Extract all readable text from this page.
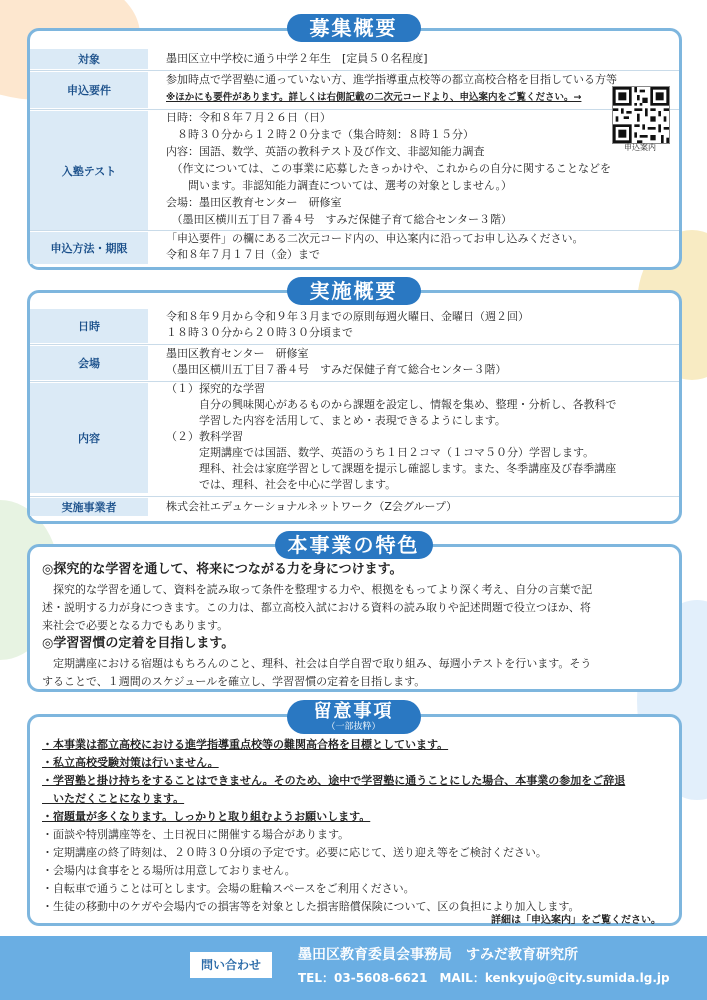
募集概要
対象	墨田区立中学校に通う中学２年生　[定員５０名程度]
申込要件
参加時点で学習塾に通っていない方、進学指導重点校等の都立高校合格を目指している方等
※ほかにも要件があります。詳しくは右側記載の二次元コードより、申込案内をご覧ください。→
入塾テスト
日時：令和８年７月２６日（日）
　８時３０分から１２時２０分まで（集合時刻：８時１５分）
内容：国語、数学、英語の教科テスト及び作文、非認知能力調査
　（作文については、この事業に応募したきっかけや、これからの自分に関することなどを
　　問います。非認知能力調査については、選考の対象としません。）
会場：墨田区教育センター　研修室
　（墨田区横川五丁目７番４号　すみだ保健子育て総合センター３階）
申込案内
申込方法・期限
「申込要件」の欄にある二次元コード内の、申込案内に沿ってお申し込みください。
令和８年７月１７日（金）まで
実施概要
日時
令和８年９月から令和９年３月までの原則毎週火曜日、金曜日（週２回）
１８時３０分から２０時３０分頃まで
会場
墨田区教育センター　研修室
（墨田区横川五丁目７番４号　すみだ保健子育て総合センター３階）
内容
（１）探究的な学習
　　　自分の興味関心があるものから課題を設定し、情報を集め、整理・分析し、各教科で
　　　学習した内容を活用して、まとめ・表現できるようにします。
（２）教科学習
　　　定期講座では国語、数学、英語のうち１日２コマ（１コマ５０分）学習します。
　　　理科、社会は家庭学習として課題を提示し確認します。また、冬季講座及び春季講座
　　　では、理科、社会を中心に学習します。
実施事業者	株式会社エデュケーショナルネットワーク（Z会グループ）
本事業の特色
◎探究的な学習を通して、将来につながる力を身につけます。
　探究的な学習を通して、資料を読み取って条件を整理する力や、根拠をもってより深く考え、自分の言葉で記
述・説明する力が身につきます。この力は、都立高校入試における資料の読み取りや記述問題で役立つほか、将
来社会で必要となる力でもあります。
◎学習習慣の定着を目指します。
　定期講座における宿題はもちろんのこと、理科、社会は自学自習で取り組み、毎週小テストを行います。そう
することで、１週間のスケジュールを確立し、学習習慣の定着を目指します。
留意事項
（一部抜粋）
・本事業は都立高校における進学指導重点校等の難関高合格を目標としています。
・私立高校受験対策は行いません。
・学習塾と掛け持ちをすることはできません。そのため、途中で学習塾に通うことにした場合、本事業の参加をご辞退
　いただくことになります。
・宿題量が多くなります。しっかりと取り組むようお願いします。
・面談や特別講座等を、土日祝日に開催する場合があります。
・定期講座の終了時刻は、２０時３０分頃の予定です。必要に応じて、送り迎え等をご検討ください。
・会場内は食事をとる場所は用意しておりません。
・自転車で通うことは可とします。会場の駐輪スペースをご利用ください。
・生徒の移動中のケガや会場内での損害等を対象とした損害賠償保険について、区の負担により加入します。
詳細は「申込案内」をご覧ください。
問い合わせ
墨田区教育委員会事務局　すみだ教育研究所
TEL：03-5608-6621　MAIL：kenkyujo@city.sumida.lg.jp
